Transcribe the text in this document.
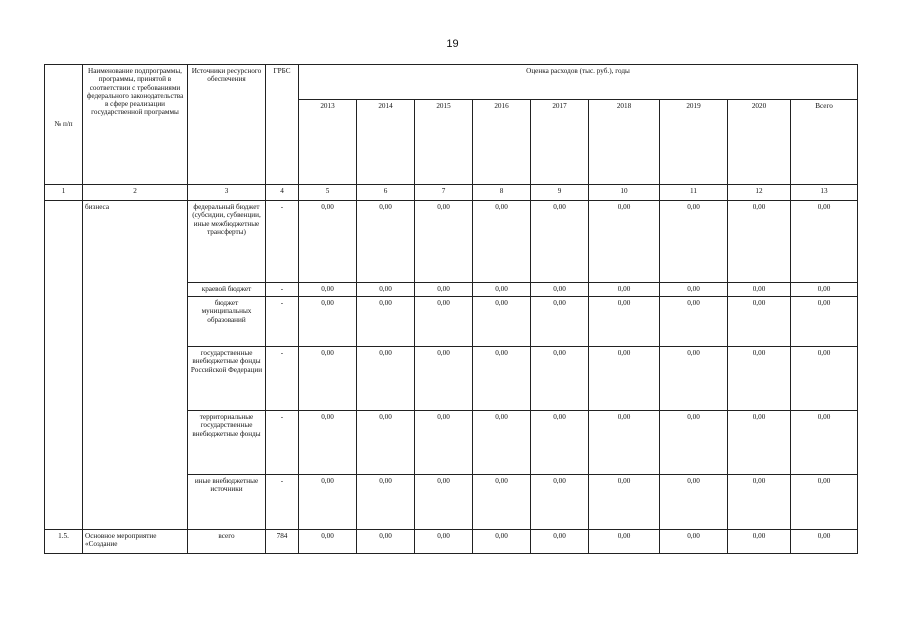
19
№ п/п	Наименование подпрограммы, программы, принятой в соответствии с требованиями федерального законодательства в сфере реализации государственной программы	Источники ресурсного обеспечения	ГРБС	Оценка расходов (тыс. руб.), годы								
				2013	2014	2015	2016	2017	2018	2019	2020	Всего
1	2	3	4	5	6	7	8	9	10	11	12	13
	бизнеса	федеральный бюджет (субсидии, субвенции, иные межбюджетные трансферты)	-	0,00	0,00	0,00	0,00	0,00	0,00	0,00	0,00	0,00
		краевой бюджет	-	0,00	0,00	0,00	0,00	0,00	0,00	0,00	0,00	0,00
		бюджет муниципальных образований	-	0,00	0,00	0,00	0,00	0,00	0,00	0,00	0,00	0,00
		государственные внебюджетные фонды Российской Федерации	-	0,00	0,00	0,00	0,00	0,00	0,00	0,00	0,00	0,00
		территориальные государственные внебюджетные фонды	-	0,00	0,00	0,00	0,00	0,00	0,00	0,00	0,00	0,00
		иные внебюджетные источники	-	0,00	0,00	0,00	0,00	0,00	0,00	0,00	0,00	0,00
1.5.	Основное мероприятие «Создание	всего	784	0,00	0,00	0,00	0,00	0,00	0,00	0,00	0,00	0,00
